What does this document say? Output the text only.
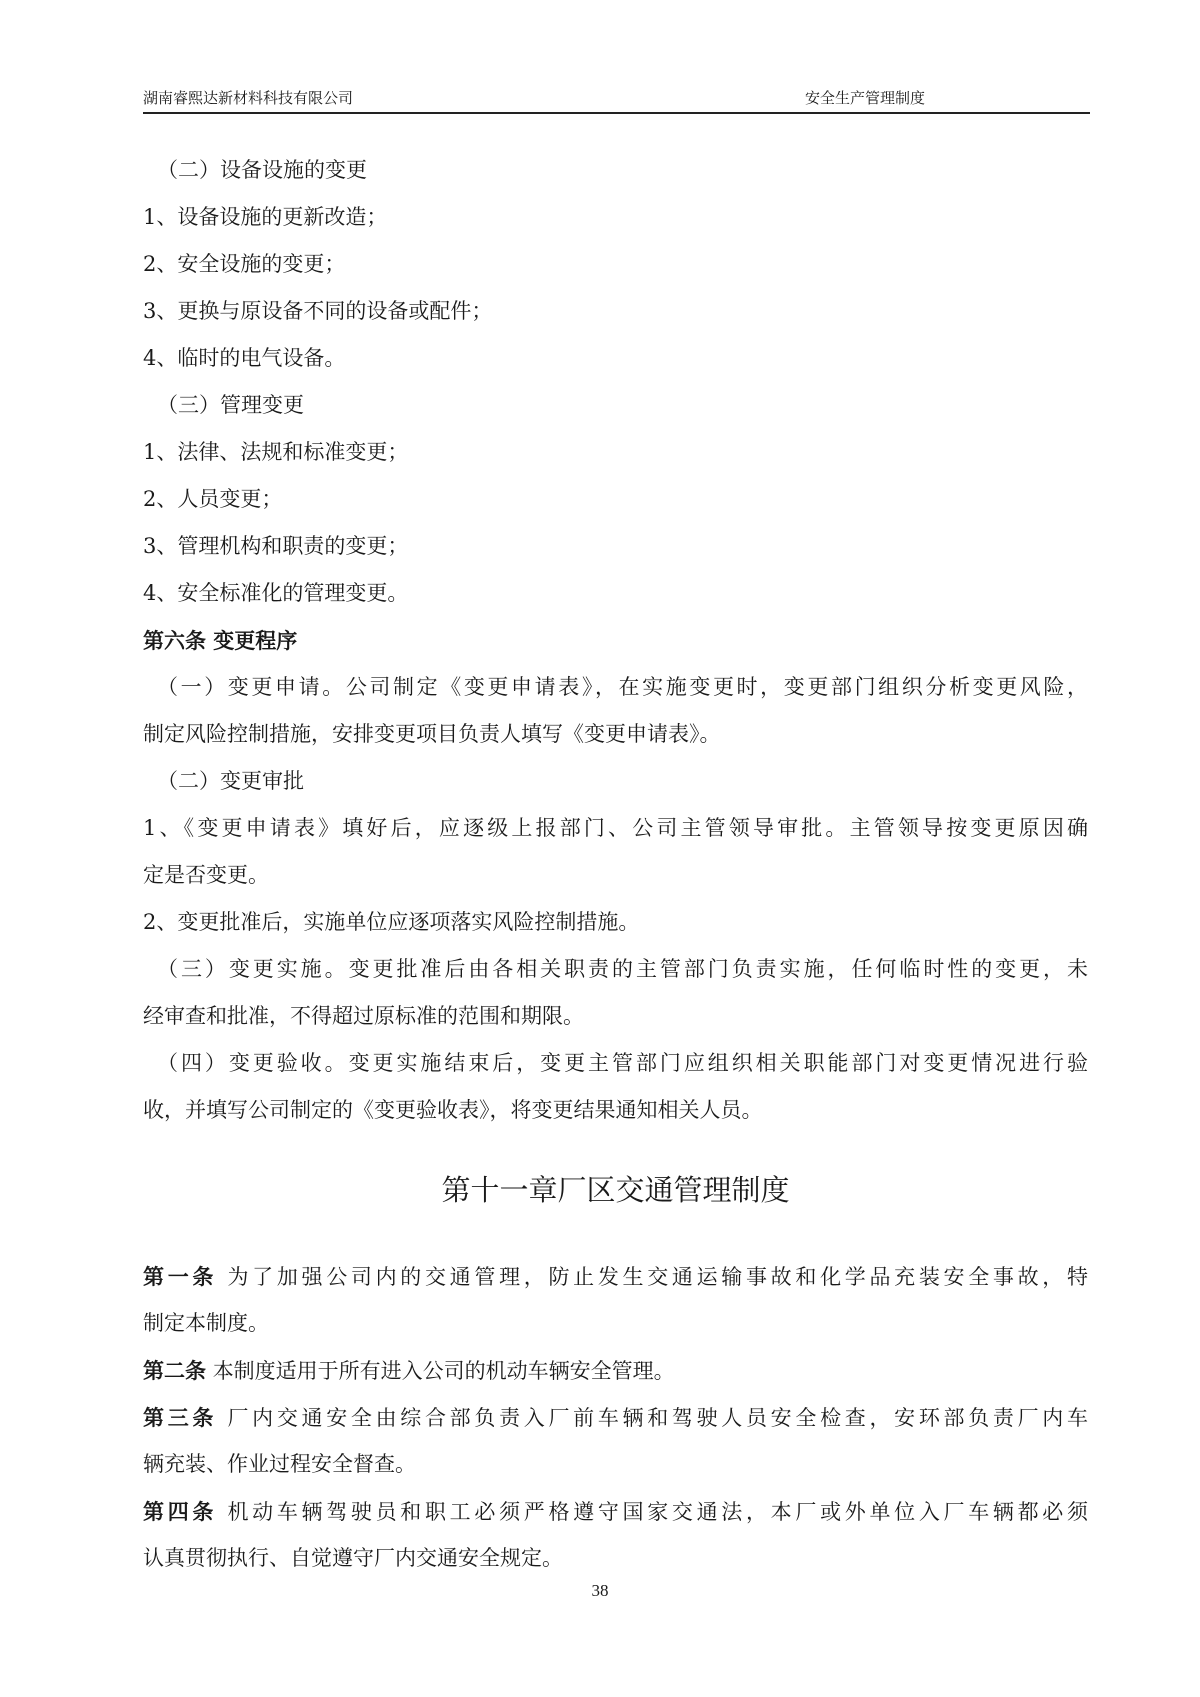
湖南睿熙达新材料科技有限公司	安全生产管理制度
（二）设备设施的变更
1、设备设施的更新改造；
2、安全设施的变更；
3、更换与原设备不同的设备或配件；
4、临时的电气设备。
（三）管理变更
1、法律、法规和标准变更；
2、人员变更；
3、管理机构和职责的变更；
4、安全标准化的管理变更。
第六条 变更程序
（一）变更申请。公司制定《变更申请表》，在实施变更时，变更部门组织分析变更风险，
制定风险控制措施，安排变更项目负责人填写《变更申请表》。
（二）变更审批
1、《变更申请表》填好后，应逐级上报部门、公司主管领导审批。主管领导按变更原因确
定是否变更。
2、变更批准后，实施单位应逐项落实风险控制措施。
（三）变更实施。变更批准后由各相关职责的主管部门负责实施，任何临时性的变更，未
经审查和批准，不得超过原标准的范围和期限。
（四）变更验收。变更实施结束后，变更主管部门应组织相关职能部门对变更情况进行验
收，并填写公司制定的《变更验收表》，将变更结果通知相关人员。
第十一章厂区交通管理制度
第一条 为了加强公司内的交通管理，防止发生交通运输事故和化学品充装安全事故，特
制定本制度。
第二条 本制度适用于所有进入公司的机动车辆安全管理。
第三条 厂内交通安全由综合部负责入厂前车辆和驾驶人员安全检查，安环部负责厂内车
辆充装、作业过程安全督查。
第四条 机动车辆驾驶员和职工必须严格遵守国家交通法，本厂或外单位入厂车辆都必须
认真贯彻执行、自觉遵守厂内交通安全规定。
38
